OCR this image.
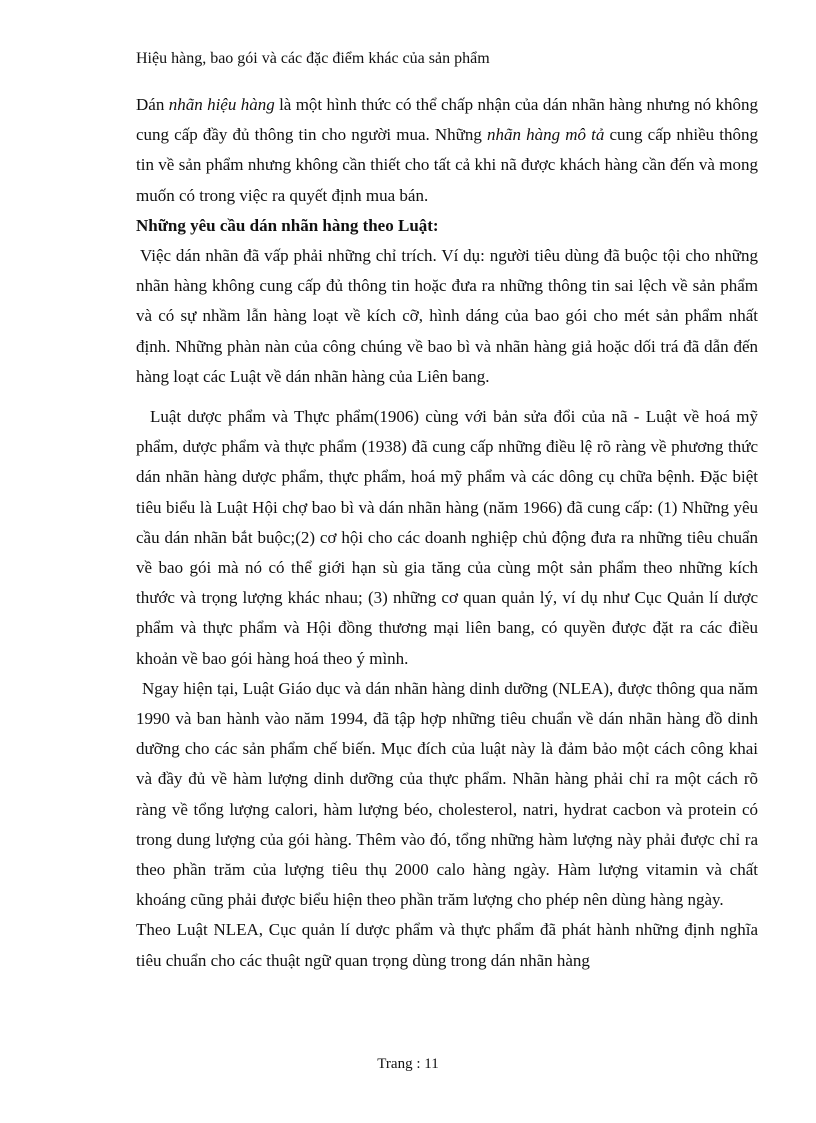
Hiệu hàng, bao gói và các đặc điểm khác của sản phẩm

Dán nhãn hiệu hàng là một hình thức có thể chấp nhận của dán nhãn hàng nhưng nó không cung cấp đầy đủ thông tin cho người mua. Những nhãn hàng mô tả cung cấp nhiều thông tin về sản phẩm nhưng không cần thiết cho tất cả khi nã được khách hàng cần đến và mong muốn có trong việc ra quyết định mua bán.

Những yêu cầu dán nhãn hàng theo Luật:

Việc dán nhãn đã vấp phải những chỉ trích. Ví dụ: người tiêu dùng đã buộc tội cho những nhãn hàng không cung cấp đủ thông tin hoặc đưa ra những thông tin sai lệch về sản phẩm và có sự nhầm lẫn hàng loạt về kích cỡ, hình dáng của bao gói cho mét sản phẩm nhất định. Những phàn nàn của công chúng về bao bì và nhãn hàng giả hoặc dối trá đã dẫn đến hàng loạt các Luật về dán nhãn hàng của Liên bang.

Luật dược phẩm và Thực phẩm(1906) cùng với bản sửa đổi của nã - Luật về hoá mỹ phẩm, dược phẩm và thực phẩm (1938) đã cung cấp những điều lệ rõ ràng về phương thức dán nhãn hàng dược phẩm, thực phẩm, hoá mỹ phẩm và các dông cụ chữa bệnh. Đặc biệt tiêu biểu là Luật Hội chợ bao bì và dán nhãn hàng (năm 1966) đã cung cấp: (1) Những yêu cầu dán nhãn bắt buộc;(2) cơ hội cho các doanh nghiệp chủ động đưa ra những tiêu chuẩn về bao gói mà nó có thể giới hạn sù gia tăng của cùng một sản phẩm theo những kích thước và trọng lượng khác nhau; (3) những cơ quan quản lý, ví dụ như Cục Quản lí dược phẩm và thực phẩm và Hội đồng thương mại liên bang, có quyền được đặt ra các điều khoản về bao gói hàng hoá theo ý mình.

Ngay hiện tại, Luật Giáo dục và dán nhãn hàng dinh dưỡng (NLEA), được thông qua năm 1990 và ban hành vào năm 1994, đã tập hợp những tiêu chuẩn về dán nhãn hàng đồ dinh dưỡng cho các sản phẩm chế biến. Mục đích của luật này là đảm bảo một cách công khai và đầy đủ về hàm lượng dinh dưỡng của thực phẩm. Nhãn hàng phải chỉ ra một cách rõ ràng về tổng lượng calori, hàm lượng béo, cholesterol, natri, hydrat cacbon và protein có trong dung lượng của gói hàng. Thêm vào đó, tổng những hàm lượng này phải được chỉ ra theo phần trăm của lượng tiêu thụ 2000 calo hàng ngày. Hàm lượng vitamin và chất khoáng cũng phải được biểu hiện theo phần trăm lượng cho phép nên dùng hàng ngày.

Theo Luật NLEA, Cục quản lí dược phẩm và thực phẩm đã phát hành những định nghĩa tiêu chuẩn cho các thuật ngữ quan trọng dùng trong dán nhãn hàng

Trang : 11
